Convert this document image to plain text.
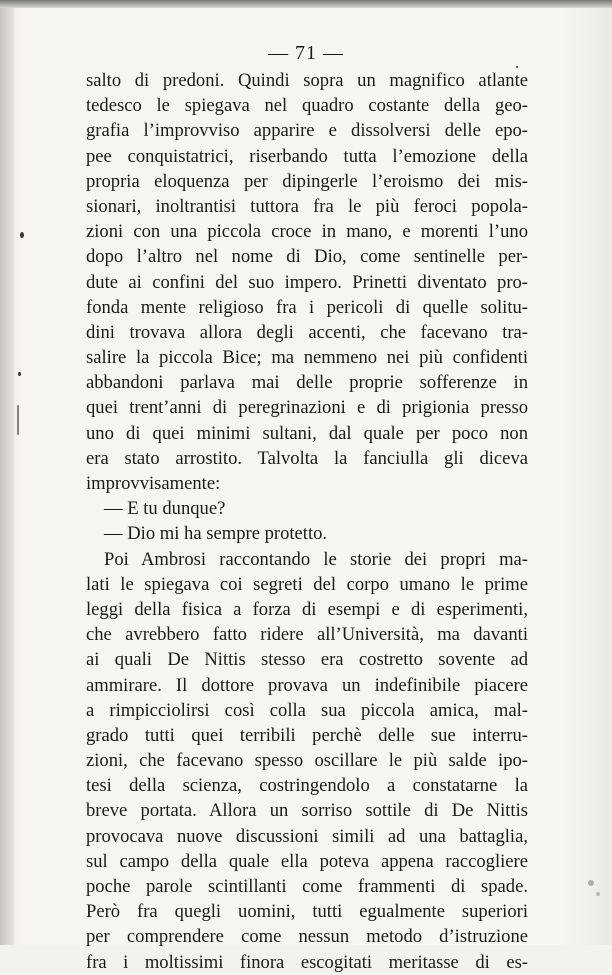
— 71 —
salto di predoni. Quindi sopra un magnifico atlante
tedesco le spiegava nel quadro costante della geo-
grafia l’improvviso apparire e dissolversi delle epo-
pee conquistatrici, riserbando tutta l’emozione della
propria eloquenza per dipingerle l’eroismo dei mis-
sionari, inoltrantisi tuttora fra le più feroci popola-
zioni con una piccola croce in mano, e morenti l’uno
dopo l’altro nel nome di Dio, come sentinelle per-
dute ai confini del suo impero. Prinetti diventato pro-
fonda mente religioso fra i pericoli di quelle solitu-
dini trovava allora degli accenti, che facevano tra-
salire la piccola Bice; ma nemmeno nei più confidenti
abbandoni parlava mai delle proprie sofferenze in
quei trent’anni di peregrinazioni e di prigionia presso
uno di quei minimi sultani, dal quale per poco non
era stato arrostito. Talvolta la fanciulla gli diceva
improvvisamente:
— E tu dunque?
— Dio mi ha sempre protetto.
Poi Ambrosi raccontando le storie dei propri ma-
lati le spiegava coi segreti del corpo umano le prime
leggi della fisica a forza di esempi e di esperimenti,
che avrebbero fatto ridere all’Università, ma davanti
ai quali De Nittis stesso era costretto sovente ad
ammirare. Il dottore provava un indefinibile piacere
a rimpicciolirsi così colla sua piccola amica, mal-
grado tutti quei terribili perchè delle sue interru-
zioni, che facevano spesso oscillare le più salde ipo-
tesi della scienza, costringendolo a constatarne la
breve portata. Allora un sorriso sottile di De Nittis
provocava nuove discussioni simili ad una battaglia,
sul campo della quale ella poteva appena raccogliere
poche parole scintillanti come frammenti di spade.
Però fra quegli uomini, tutti egualmente superiori
per comprendere come nessun metodo d’istruzione
fra i moltissimi finora escogitati meritasse di es-
